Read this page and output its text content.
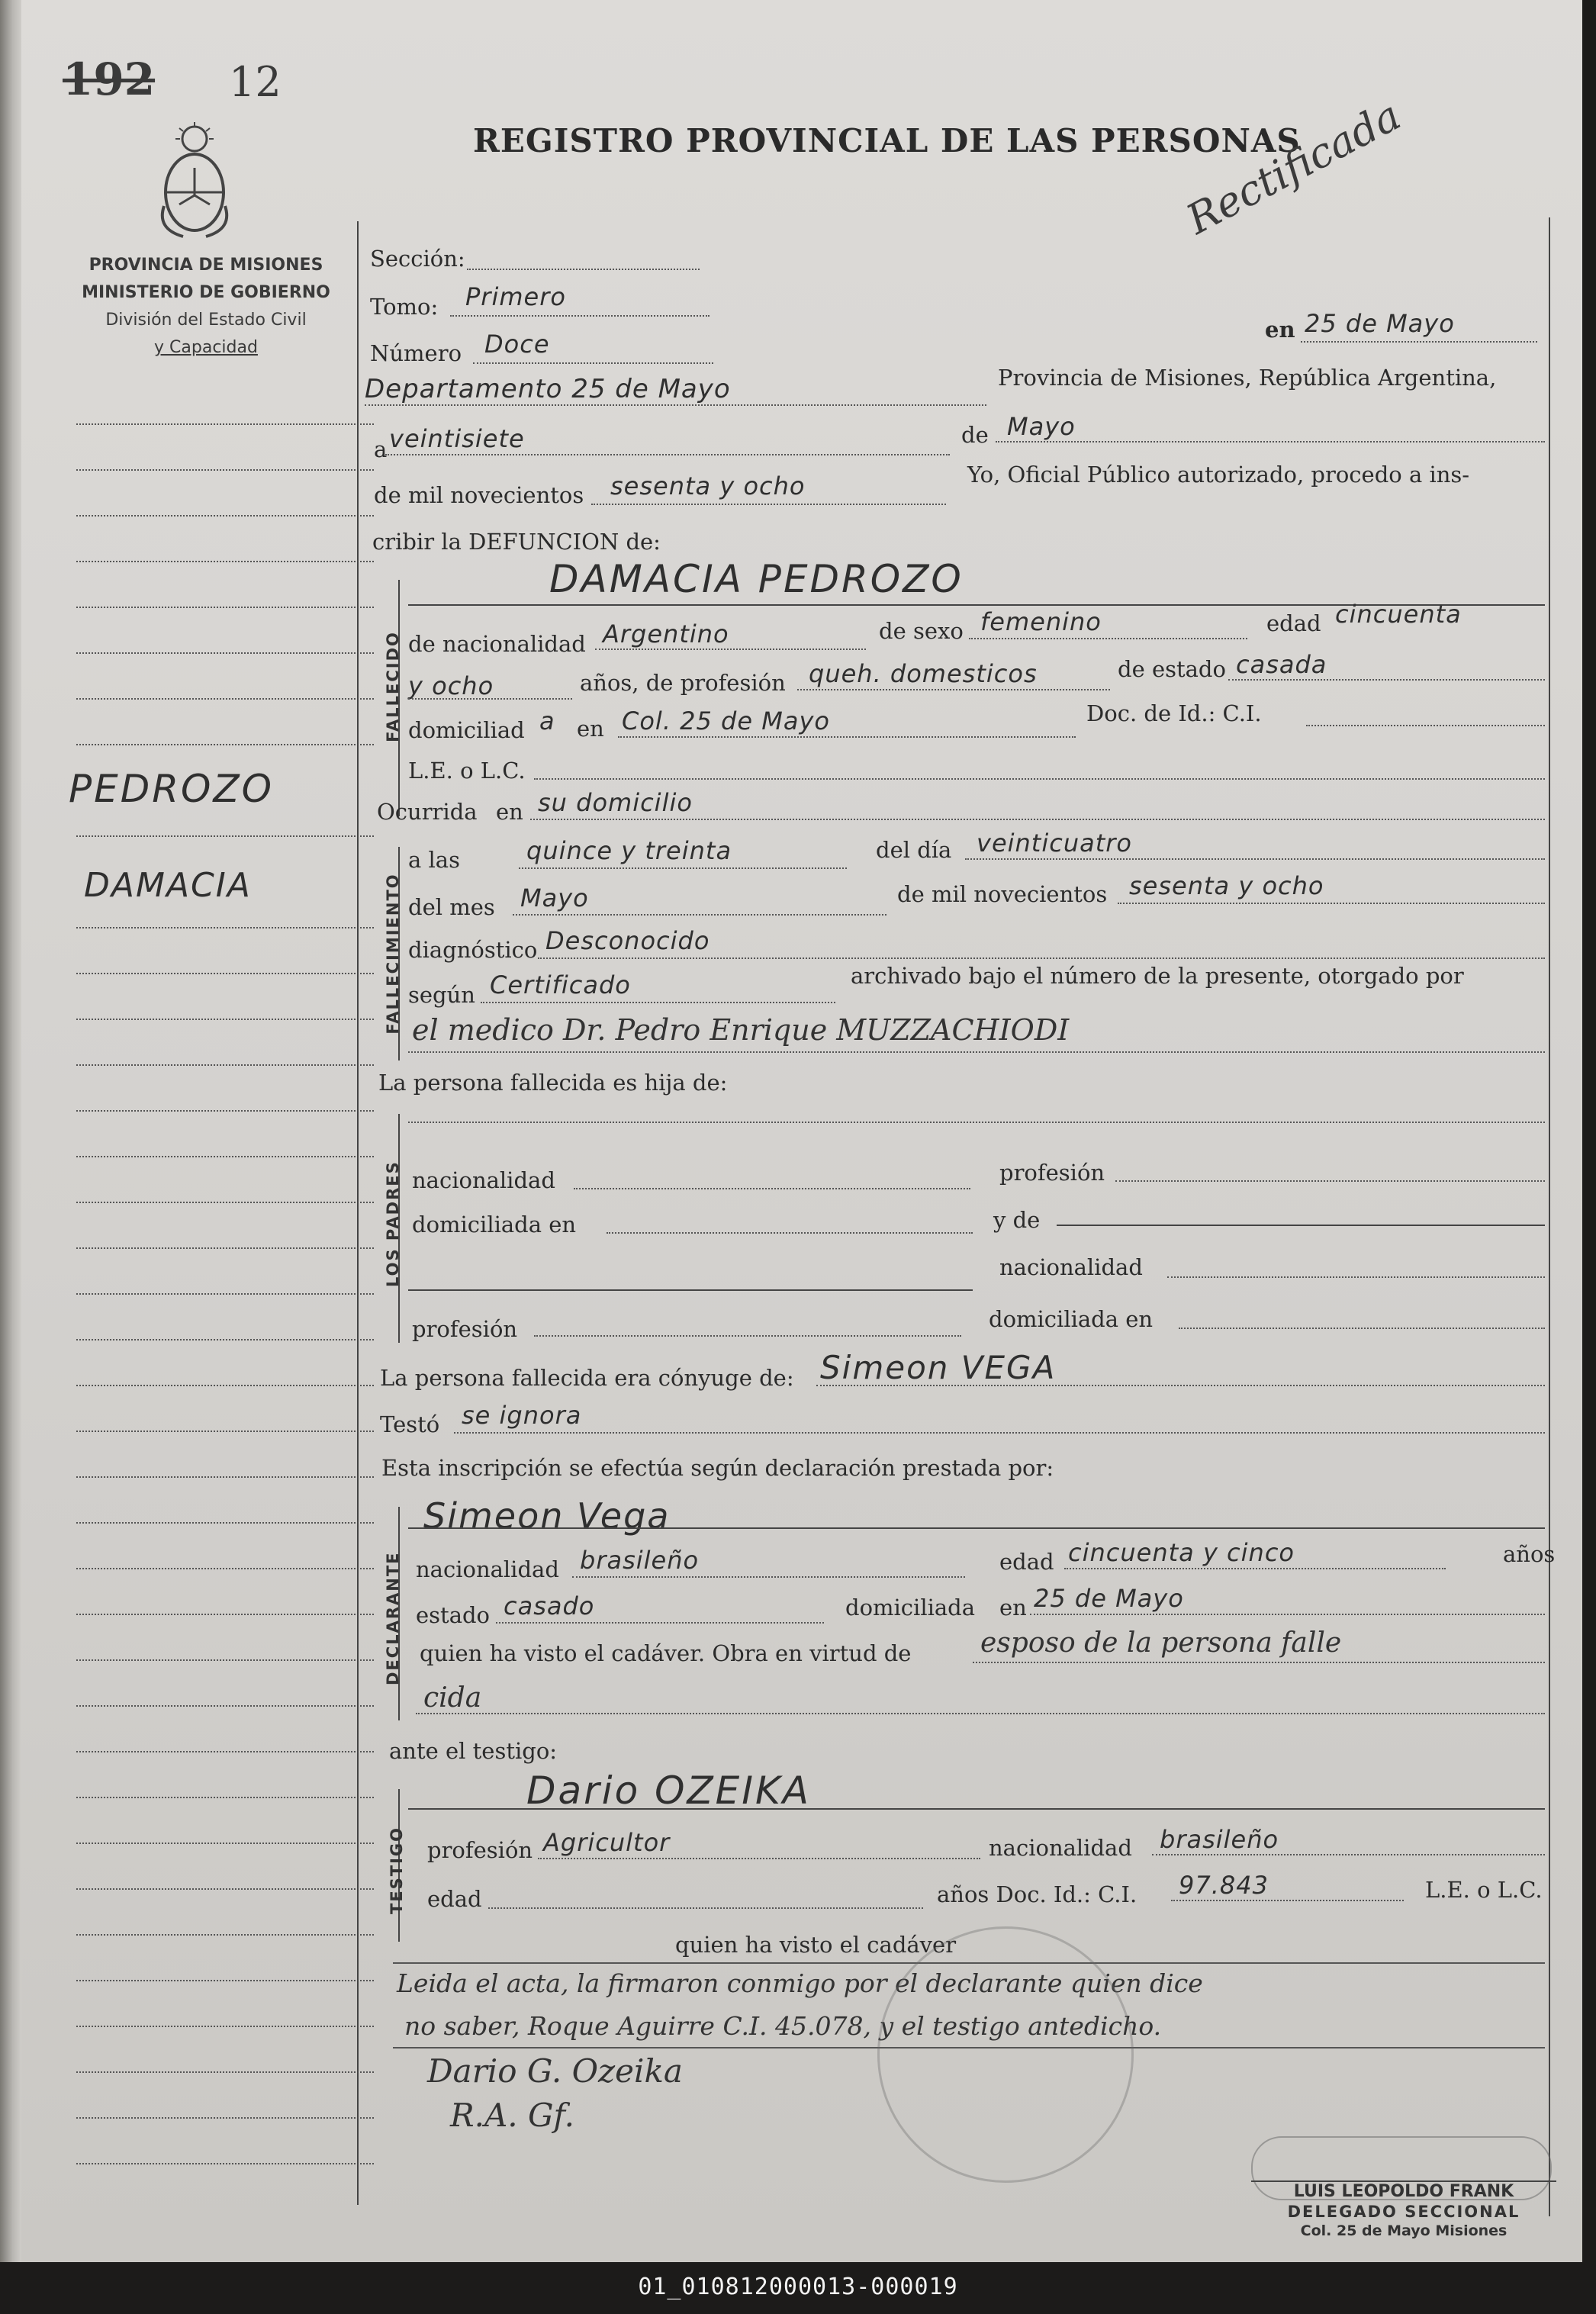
192 12
REGISTRO PROVINCIAL DE LAS PERSONAS
Rectificada
PROVINCIA DE MISIONES
MINISTERIO DE GOBIERNO
División del Estado Civil
y Capacidad
PEDROZO
DAMACIA
Sección:
Tomo: Primero
en 25 de Mayo
Número Doce
Departamento 25 de Mayo	Provincia de Misiones, República Argentina,
a veintisiete	de Mayo
de mil novecientos sesenta y ocho	Yo, Oficial Público autorizado, procedo a ins-
cribir la DEFUNCION de:
FALLECIDO
DAMACIA PEDROZO
de nacionalidad Argentino	de sexo femenino	edad cincuenta
y ocho	años, de profesión queh. domesticos	de estado casada
domiciliad a en Col. 25 de Mayo	Doc. de Id.: C.I.
L.E. o L.C.
Ocurrida en su domicilio
FALLECIMIENTO
a las	quince y treinta	del día veinticuatro
del mes Mayo	de mil novecientos sesenta y ocho
diagnóstico Desconocido
según Certificado	archivado bajo el número de la presente, otorgado por
el medico Dr. Pedro Enrique MUZZACHIODI
La persona fallecida es hija de:
LOS PADRES nacionalidad	profesión
domiciliada en	y de
nacionalidad
profesión	domiciliada en
La persona fallecida era cónyuge de: Simeon VEGA
Testó se ignora
Esta inscripción se efectúa según declaración prestada por:
DECLARANTE
Simeon Vega
nacionalidad brasileño	edad cincuenta y cinco	años
estado casado	domiciliada en 25 de Mayo
quien ha visto el cadáver. Obra en virtud de	esposo de la persona falle
cida
ante el testigo:
TESTIGO
Dario OZEIKA
profesión Agricultor	nacionalidad brasileño
edad	años Doc. Id.: C.I. 97.843	L.E. o L.C.
quien ha visto el cadáver
Leida el acta, la firmaron conmigo por el declarante quien dice
no saber, Roque Aguirre C.I. 45.078, y el testigo antedicho.
Dario G. Ozeika
R.A. Gf.
LUIS LEOPOLDO FRANK
DELEGADO SECCIONAL
Col. 25 de Mayo Misiones
01_010812000013-000019
